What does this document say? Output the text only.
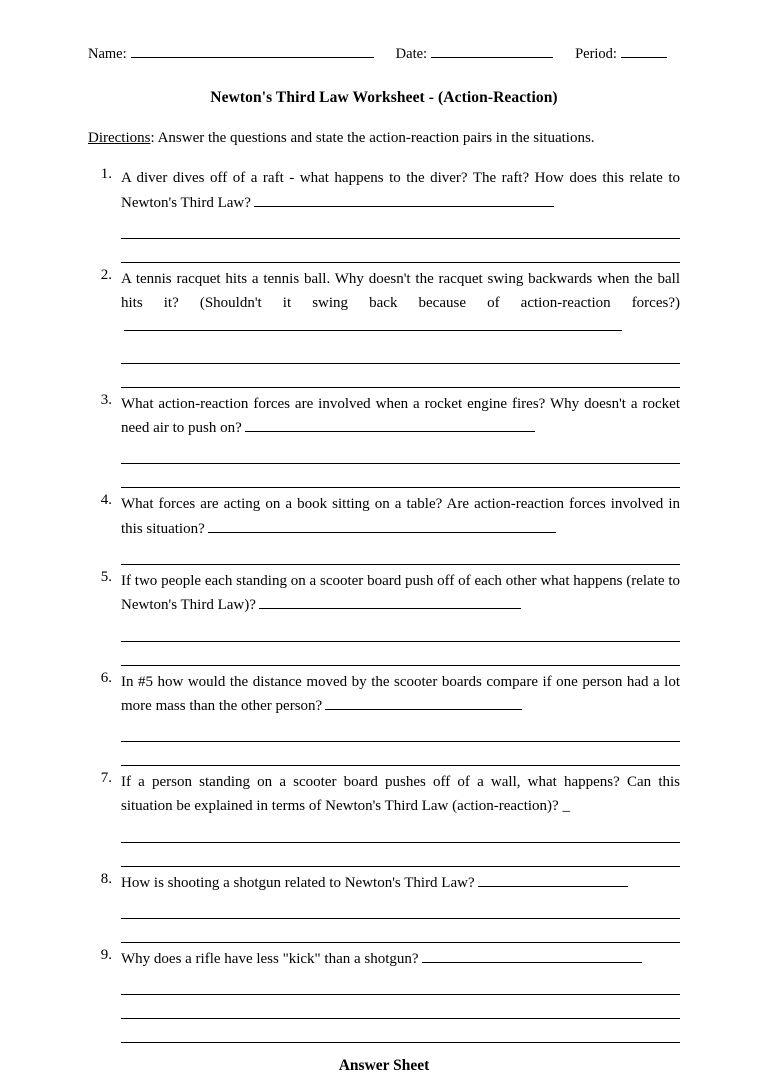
Name:	Date:	Period:
Newton's Third Law Worksheet - (Action-Reaction)
Directions: Answer the questions and state the action-reaction pairs in the situations.
1. A diver dives off of a raft - what happens to the diver? The raft? How does this relate to Newton's Third Law?
2. A tennis racquet hits a tennis ball. Why doesn't the racquet swing backwards when the ball hits it? (Shouldn't it swing back because of action-reaction forces?)
3. What action-reaction forces are involved when a rocket engine fires? Why doesn't a rocket need air to push on?
4. What forces are acting on a book sitting on a table? Are action-reaction forces involved in this situation?
5. If two people each standing on a scooter board push off of each other what happens (relate to Newton's Third Law)?
6. In #5 how would the distance moved by the scooter boards compare if one person had a lot more mass than the other person?
7. If a person standing on a scooter board pushes off of a wall, what happens? Can this situation be explained in terms of Newton's Third Law (action-reaction)? _
8. How is shooting a shotgun related to Newton's Third Law?
9. Why does a rifle have less "kick" than a shotgun?
Answer Sheet
